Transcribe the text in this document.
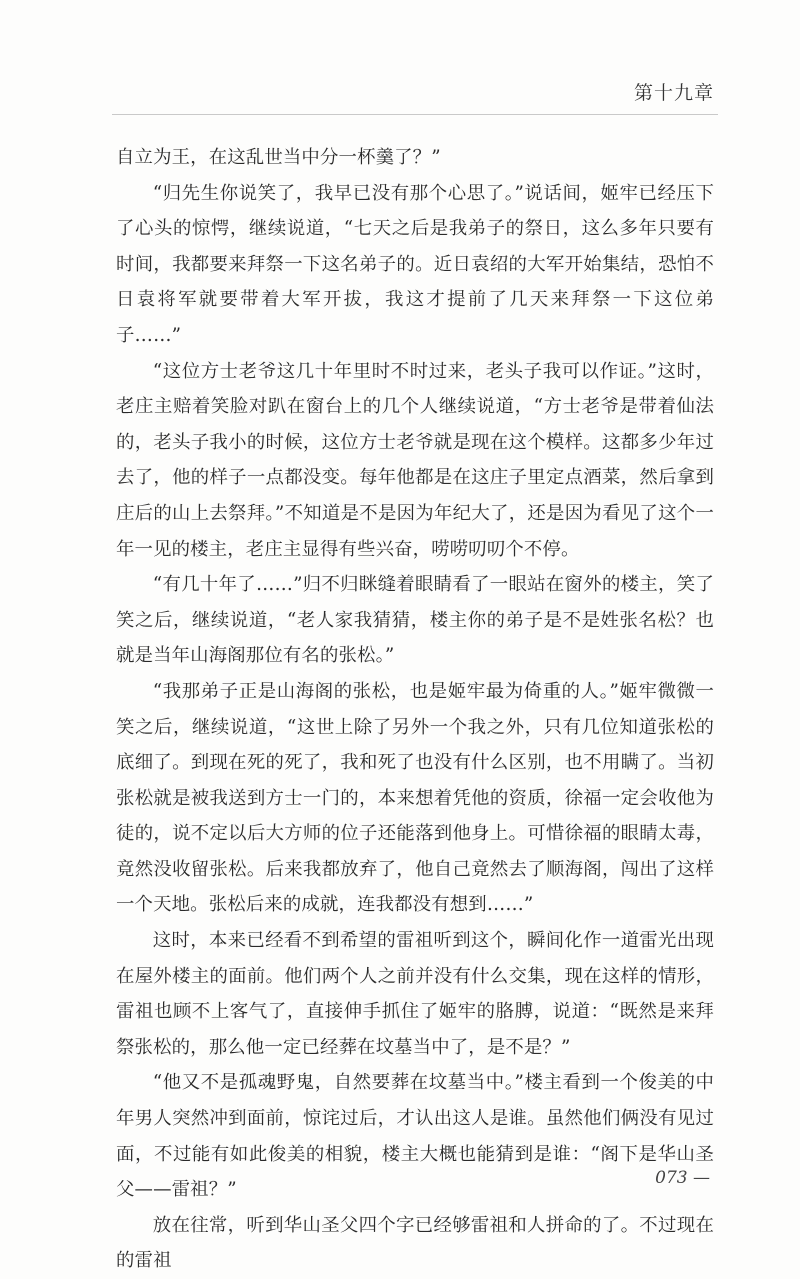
第十九章

自立为王，在这乱世当中分一杯羹了？”

“归先生你说笑了，我早已没有那个心思了。”说话间，姬牢已经压下了心头的惊愕，继续说道，“七天之后是我弟子的祭日，这么多年只要有时间，我都要来拜祭一下这名弟子的。近日袁绍的大军开始集结，恐怕不日袁将军就要带着大军开拔，我这才提前了几天来拜祭一下这位弟子……”

“这位方士老爷这几十年里时不时过来，老头子我可以作证。”这时，老庄主赔着笑脸对趴在窗台上的几个人继续说道，“方士老爷是带着仙法的，老头子我小的时候，这位方士老爷就是现在这个模样。这都多少年过去了，他的样子一点都没变。每年他都是在这庄子里定点酒菜，然后拿到庄后的山上去祭拜。”不知道是不是因为年纪大了，还是因为看见了这个一年一见的楼主，老庄主显得有些兴奋，唠唠叨叨个不停。

“有几十年了……”归不归眯缝着眼睛看了一眼站在窗外的楼主，笑了笑之后，继续说道，“老人家我猜猜，楼主你的弟子是不是姓张名松？也就是当年山海阁那位有名的张松。”

“我那弟子正是山海阁的张松，也是姬牢最为倚重的人。”姬牢微微一笑之后，继续说道，“这世上除了另外一个我之外，只有几位知道张松的底细了。到现在死的死了，我和死了也没有什么区别，也不用瞒了。当初张松就是被我送到方士一门的，本来想着凭他的资质，徐福一定会收他为徒的，说不定以后大方师的位子还能落到他身上。可惜徐福的眼睛太毒，竟然没收留张松。后来我都放弃了，他自己竟然去了顺海阁，闯出了这样一个天地。张松后来的成就，连我都没有想到……”

这时，本来已经看不到希望的雷祖听到这个，瞬间化作一道雷光出现在屋外楼主的面前。他们两个人之前并没有什么交集，现在这样的情形，雷祖也顾不上客气了，直接伸手抓住了姬牢的胳膊，说道：“既然是来拜祭张松的，那么他一定已经葬在坟墓当中了，是不是？”

“他又不是孤魂野鬼，自然要葬在坟墓当中。”楼主看到一个俊美的中年男人突然冲到面前，惊诧过后，才认出这人是谁。虽然他们俩没有见过面，不过能有如此俊美的相貌，楼主大概也能猜到是谁：“阁下是华山圣父——雷祖？”

放在往常，听到华山圣父四个字已经够雷祖和人拼命的了。不过现在的雷祖

073 —
